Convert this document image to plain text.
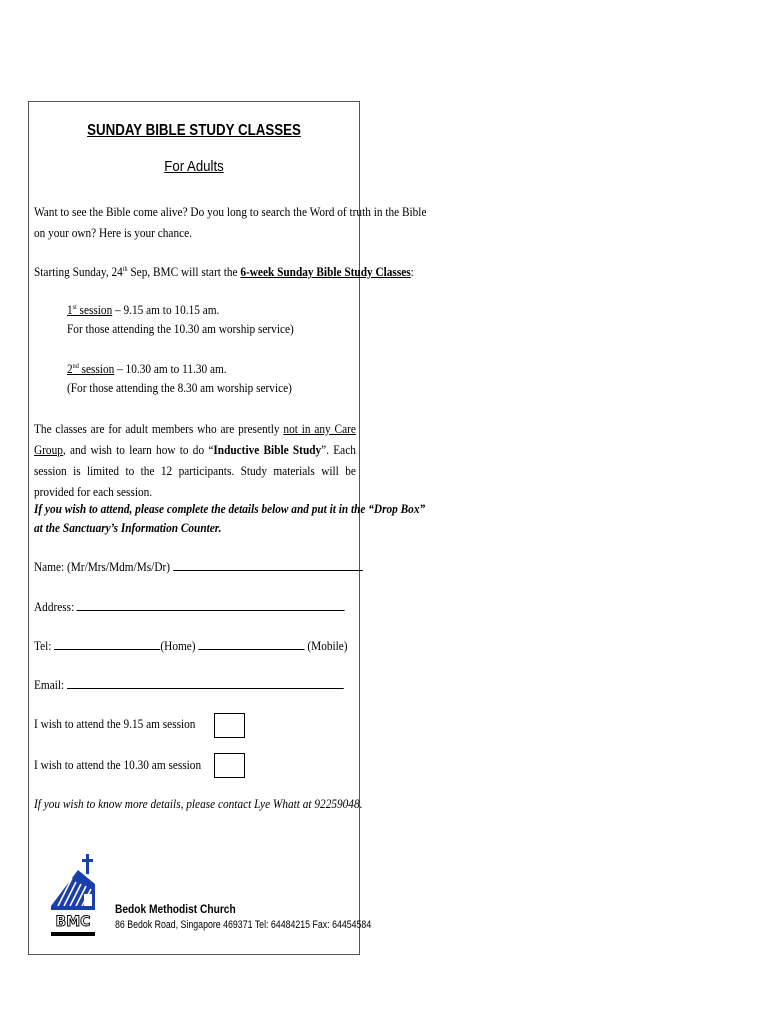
SUNDAY BIBLE STUDY CLASSES
For Adults
Want to see the Bible come alive? Do you long to search the Word of truth in the Bible
on your own? Here is your chance.
Starting Sunday, 24th Sep, BMC will start the 6-week Sunday Bible Study Classes:
1st session – 9.15 am to 10.15 am.
For those attending the 10.30 am worship service)
2nd session – 10.30 am to 11.30 am.
(For those attending the 8.30 am worship service)
The classes are for adult members who are presently not in any Care Group, and wish to learn how to do “Inductive Bible Study”. Each session is limited to the 12 participants. Study materials will be provided for each session.
If you wish to attend, please complete the details below and put it in the “Drop Box”
at the Sanctuary’s Information Counter.
Name: (Mr/Mrs/Mdm/Ms/Dr)
Address:
Tel:	(Home)	(Mobile)
Email:
I wish to attend the 9.15 am session
I wish to attend the 10.30 am session
If you wish to know more details, please contact Lye Whatt at 92259048.
BMC
Bedok Methodist Church
86 Bedok Road, Singapore 469371 Tel: 64484215 Fax: 64454584
